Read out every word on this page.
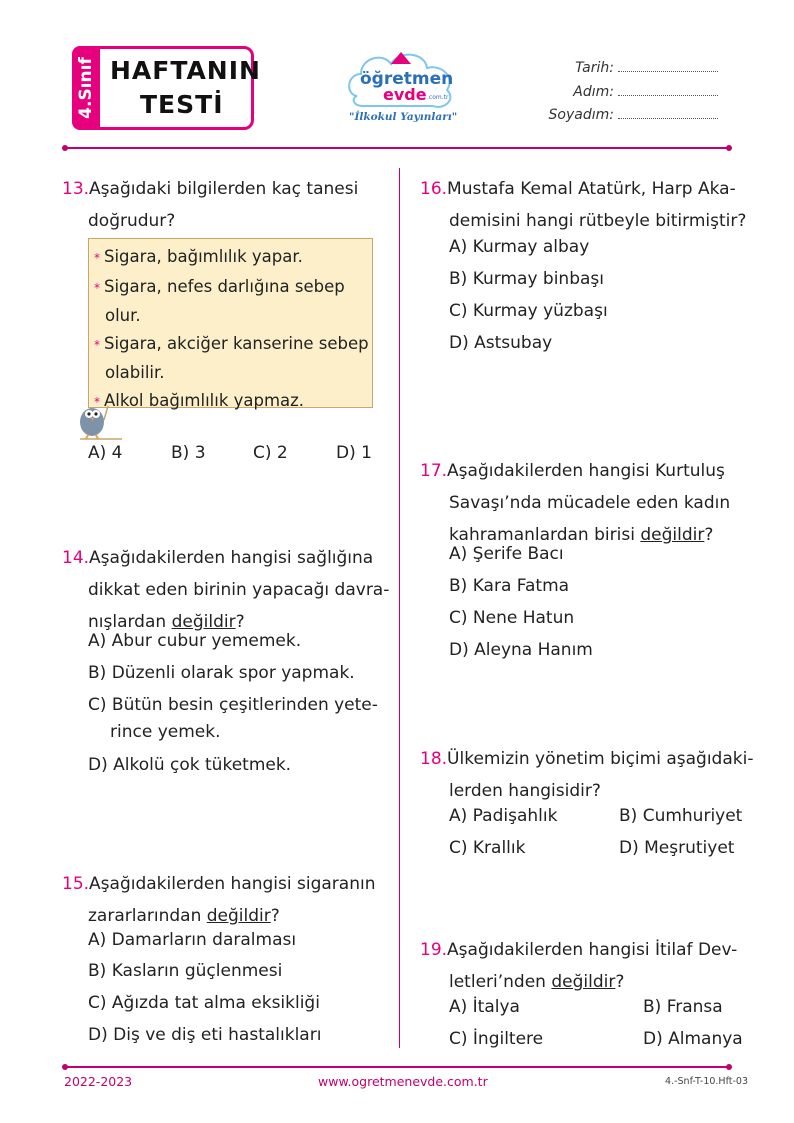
4.Sınıf HAFTANIN
TESTİ
öğretmen
evde .com.tr
"İlkokul Yayınları"
Tarih:
Adım:
Soyadım:
13.Aşağıdaki bilgilerden kaç tanesi
doğrudur?
* Sigara, bağımlılık yapar.
* Sigara, nefes darlığına sebep
olur.
* Sigara, akciğer kanserine sebep
olabilir.
* Alkol bağımlılık yapmaz.
A) 4	B) 3	C) 2	D) 1
14.Aşağıdakilerden hangisi sağlığına
dikkat eden birinin yapacağı davra-
nışlardan değildir?
A) Abur cubur yememek.
B) Düzenli olarak spor yapmak.
C) Bütün besin çeşitlerinden yete-
rince yemek.
D) Alkolü çok tüketmek.
15.Aşağıdakilerden hangisi sigaranın
zararlarından değildir?
A) Damarların daralması
B) Kasların güçlenmesi
C) Ağızda tat alma eksikliği
D) Diş ve diş eti hastalıkları
16.Mustafa Kemal Atatürk, Harp Aka-
demisini hangi rütbeyle bitirmiştir?
A) Kurmay albay
B) Kurmay binbaşı
C) Kurmay yüzbaşı
D) Astsubay
17.Aşağıdakilerden hangisi Kurtuluş
Savaşı’nda mücadele eden kadın
kahramanlardan birisi değildir?
A) Şerife Bacı
B) Kara Fatma
C) Nene Hatun
D) Aleyna Hanım
18.Ülkemizin yönetim biçimi aşağıdaki-
lerden hangisidir?
A) Padişahlık	B) Cumhuriyet
C) Krallık	D) Meşrutiyet
19.Aşağıdakilerden hangisi İtilaf Dev-
letleri’nden değildir?
A) İtalya	B) Fransa
C) İngiltere	D) Almanya
2022-2023	www.ogretmenevde.com.tr	4.-Snf-T-10.Hft-03
